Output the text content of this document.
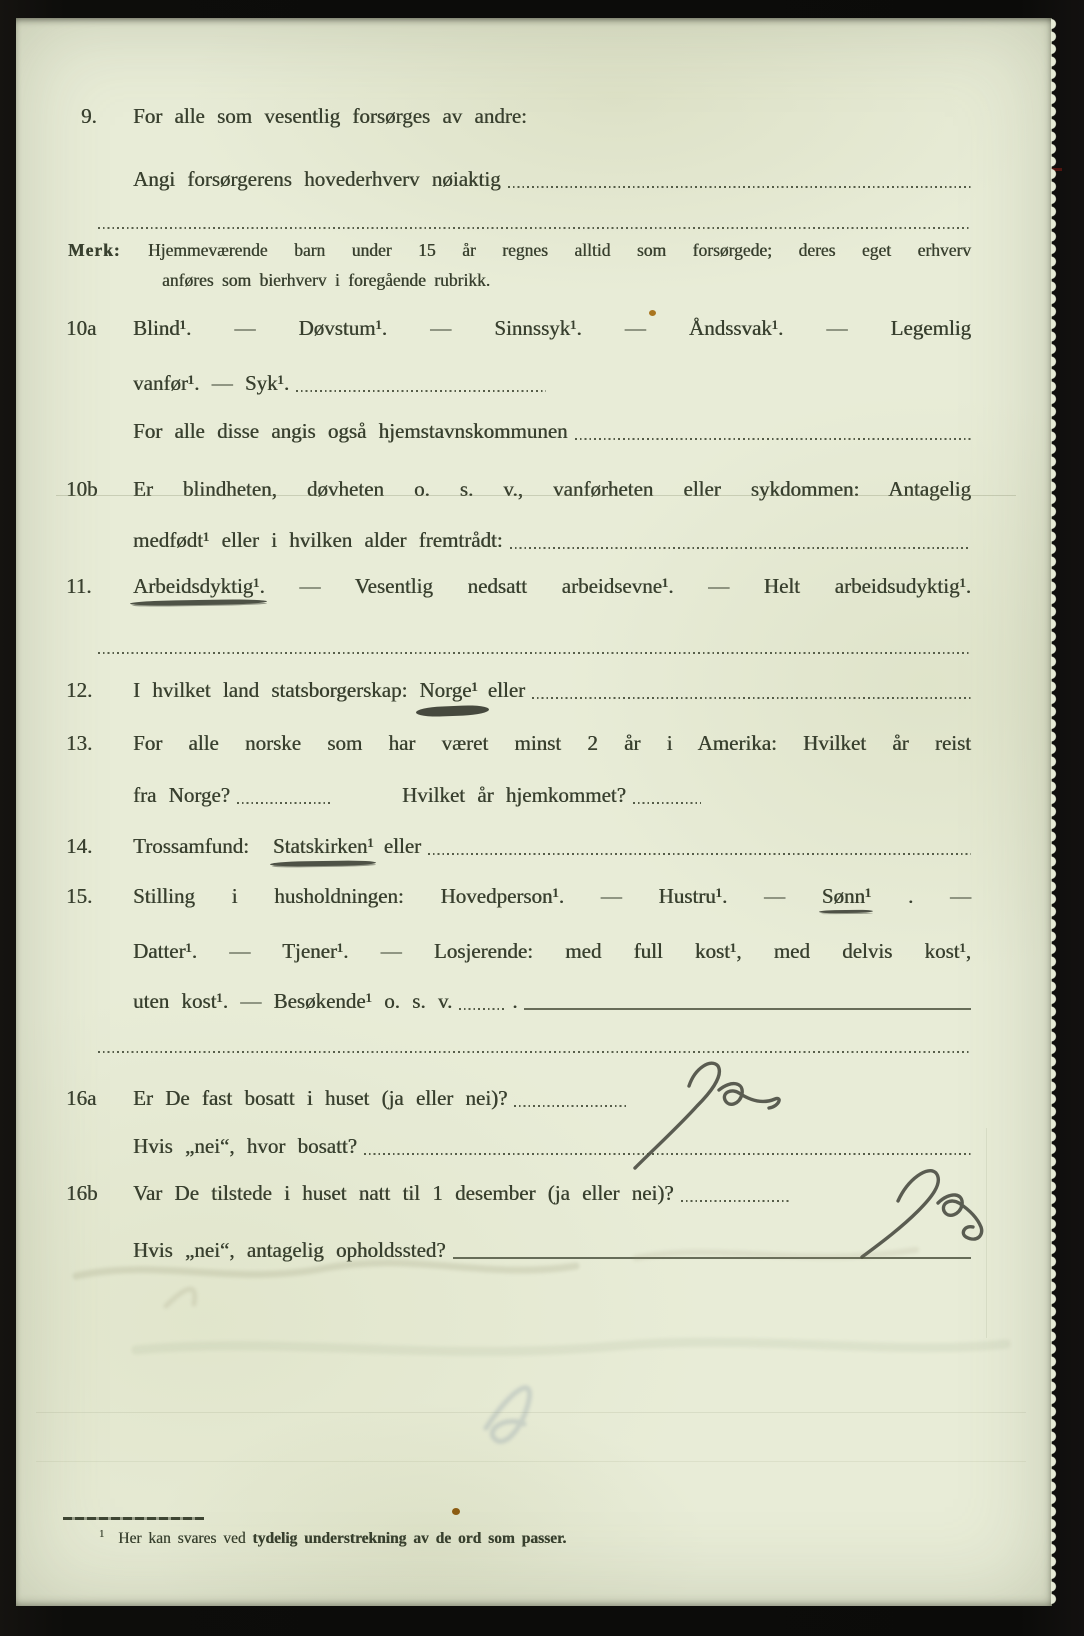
9.	For alle som vesentlig forsørges av andre:
Angi forsørgerens hovederhverv nøiaktig
Merk: Hjemmeværende barn under 15 år regnes alltid som forsørgede; deres eget erhverv
anføres som bierhverv i foregående rubrikk.
10a	Blind¹. — Døvstum¹. — Sinnssyk¹. — Åndssvak¹. — Legemlig
vanfør¹. — Syk¹.
For alle disse angis også hjemstavnskommunen
10b	Er blindheten, døvheten o. s. v., vanførheten eller sykdommen: Antagelig
medfødt¹ eller i hvilken alder fremtrådt:
11.	Arbeidsdyktig¹. — Vesentlig nedsatt arbeidsevne¹. — Helt arbeidsudyktig¹.
12.	I hvilket land statsborgerskap: Norge¹ eller
13.	For alle norske som har været minst 2 år i Amerika: Hvilket år reist
fra Norge?	Hvilket år hjemkommet?
14.	Trossamfund: Statskirken¹ eller
15.	Stilling i husholdningen: Hovedperson¹. — Hustru¹. — Sønn¹ . —
Datter¹. — Tjener¹. — Losjerende: med full kost¹, med delvis kost¹,
uten kost¹. — Besøkende¹ o. s. v.	.
16a	Er De fast bosatt i huset (ja eller nei)?
Hvis „nei“, hvor bosatt?
16b	Var De tilstede i huset natt til 1 desember (ja eller nei)?
Hvis „nei“, antagelig opholdssted?
$^1$ Her kan svares ved tydelig understrekning av de ord som passer.
